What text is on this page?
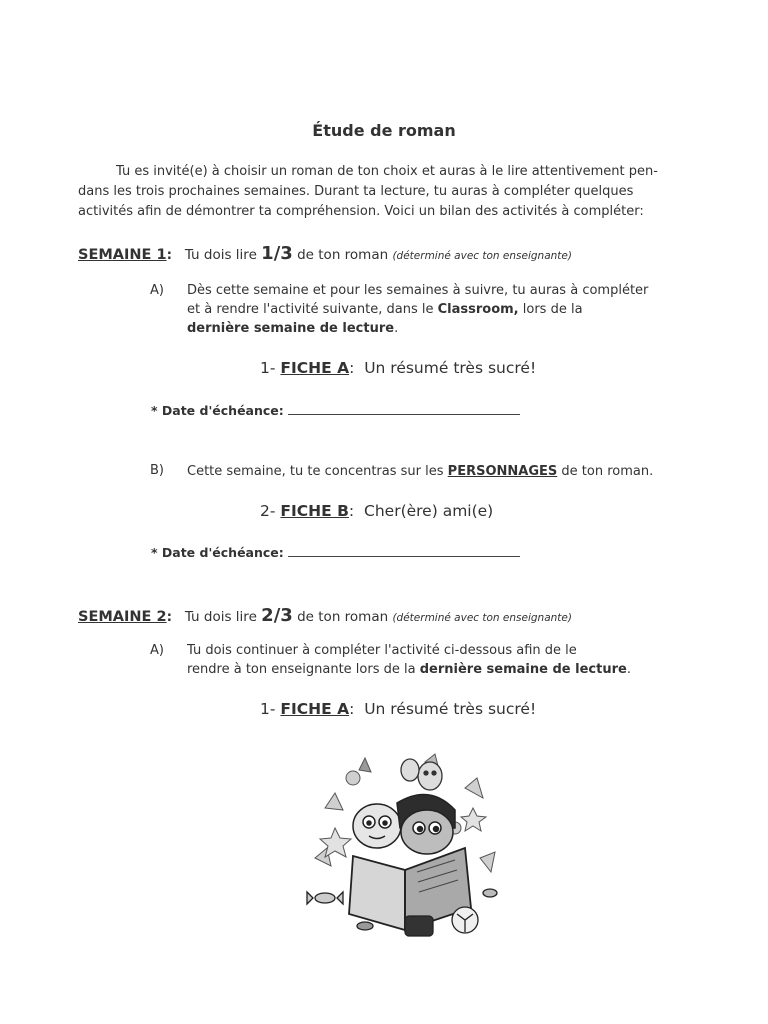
Étude de roman
Tu es invité(e) à choisir un roman de ton choix et auras à le lire attentivement pen-
dans les trois prochaines semaines. Durant ta lecture, tu auras à compléter quelques
activités afin de démontrer ta compréhension. Voici un bilan des activités à compléter:
SEMAINE 1: Tu dois lire 1/3 de ton roman (déterminé avec ton enseignante)
A) Dès cette semaine et pour les semaines à suivre, tu auras à compléter
et à rendre l'activité suivante, dans le Classroom, lors de la
dernière semaine de lecture.
1- FICHE A: Un résumé très sucré!
* Date d'échéance:
B) Cette semaine, tu te concentras sur les PERSONNAGES de ton roman.
2- FICHE B: Cher(ère) ami(e)
* Date d'échéance:
SEMAINE 2: Tu dois lire 2/3 de ton roman (déterminé avec ton enseignante)
A) Tu dois continuer à compléter l'activité ci-dessous afin de le
rendre à ton enseignante lors de la dernière semaine de lecture.
1- FICHE A: Un résumé très sucré!
